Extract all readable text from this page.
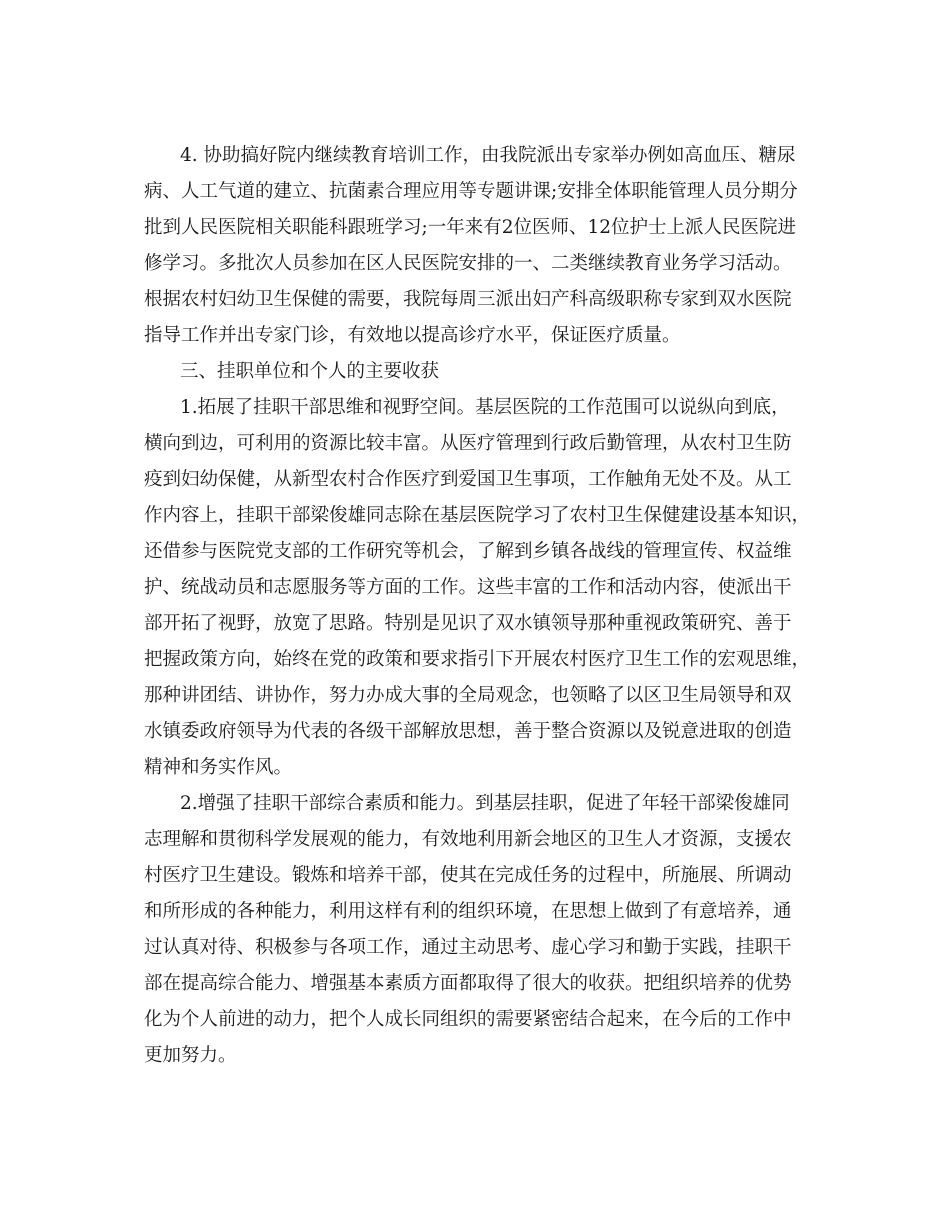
4. 协助搞好院内继续教育培训工作，由我院派出专家举办例如高血压、糖尿
病、人工气道的建立、抗菌素合理应用等专题讲课;安排全体职能管理人员分期分
批到人民医院相关职能科跟班学习;一年来有2位医师、12位护士上派人民医院进
修学习。多批次人员参加在区人民医院安排的一、二类继续教育业务学习活动。
根据农村妇幼卫生保健的需要，我院每周三派出妇产科高级职称专家到双水医院
指导工作并出专家门诊，有效地以提高诊疗水平，保证医疗质量。
三、挂职单位和个人的主要收获
1.拓展了挂职干部思维和视野空间。基层医院的工作范围可以说纵向到底，
横向到边，可利用的资源比较丰富。从医疗管理到行政后勤管理，从农村卫生防
疫到妇幼保健，从新型农村合作医疗到爱国卫生事项，工作触角无处不及。从工
作内容上，挂职干部梁俊雄同志除在基层医院学习了农村卫生保健建设基本知识，
还借参与医院党支部的工作研究等机会，了解到乡镇各战线的管理宣传、权益维
护、统战动员和志愿服务等方面的工作。这些丰富的工作和活动内容，使派出干
部开拓了视野，放宽了思路。特别是见识了双水镇领导那种重视政策研究、善于
把握政策方向，始终在党的政策和要求指引下开展农村医疗卫生工作的宏观思维，
那种讲团结、讲协作，努力办成大事的全局观念，也领略了以区卫生局领导和双
水镇委政府领导为代表的各级干部解放思想，善于整合资源以及锐意进取的创造
精神和务实作风。
2.增强了挂职干部综合素质和能力。到基层挂职，促进了年轻干部梁俊雄同
志理解和贯彻科学发展观的能力，有效地利用新会地区的卫生人才资源，支援农
村医疗卫生建设。锻炼和培养干部，使其在完成任务的过程中，所施展、所调动
和所形成的各种能力，利用这样有利的组织环境，在思想上做到了有意培养，通
过认真对待、积极参与各项工作，通过主动思考、虚心学习和勤于实践，挂职干
部在提高综合能力、增强基本素质方面都取得了很大的收获。把组织培养的优势
化为个人前进的动力，把个人成长同组织的需要紧密结合起来，在今后的工作中
更加努力。
